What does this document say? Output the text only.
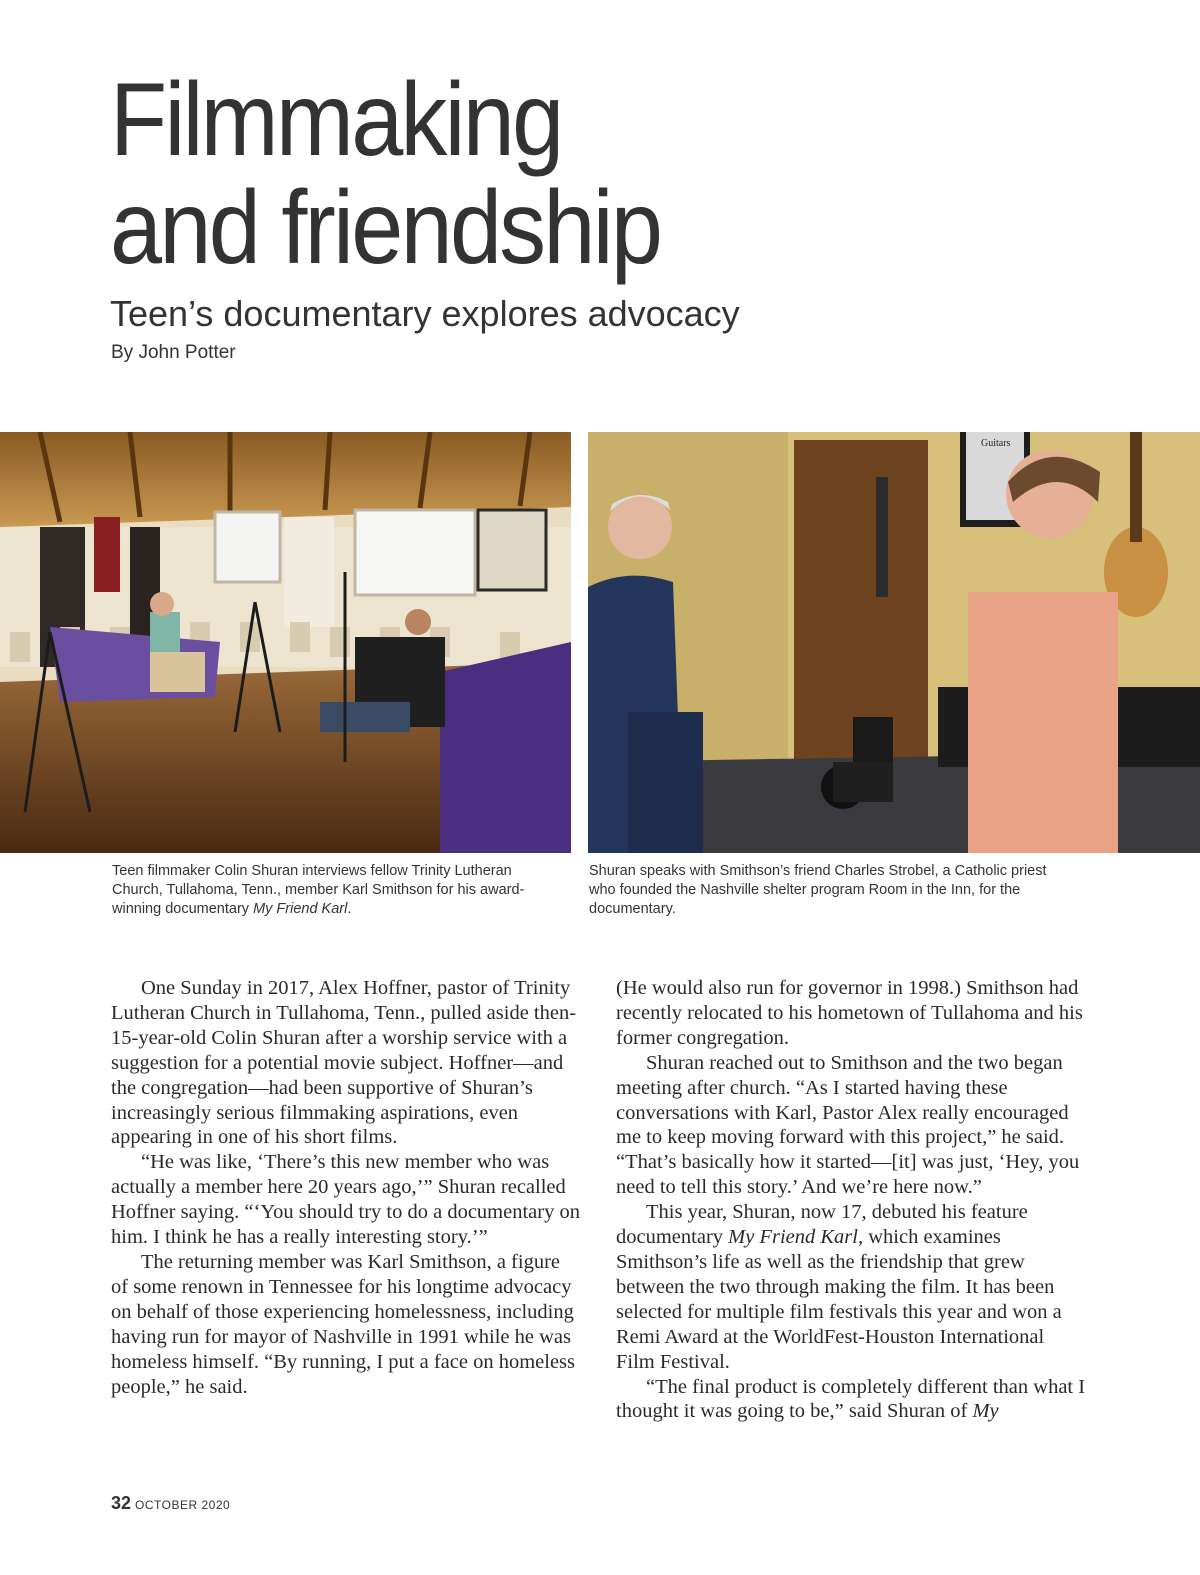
Filmmaking
and friendship
Teen’s documentary explores advocacy
By John Potter
Guitars
Teen filmmaker Colin Shuran interviews fellow Trinity Lutheran Church, Tullahoma, Tenn., member Karl Smithson for his award-winning documentary My Friend Karl.
Shuran speaks with Smithson’s friend Charles Strobel, a Catholic priest who founded the Nashville shelter program Room in the Inn, for the documentary.

One Sunday in 2017, Alex Hoffner, pastor of Trinity Lutheran Church in Tullahoma, Tenn., pulled aside then-15-year-old Colin Shuran after a worship service with a suggestion for a potential movie subject. Hoffner—and the congregation—had been supportive of Shuran’s increasingly serious filmmaking aspirations, even appearing in one of his short films.

“He was like, ‘There’s this new member who was actually a member here 20 years ago,’” Shuran recalled Hoffner saying. “‘You should try to do a documentary on him. I think he has a really interesting story.’”

The returning member was Karl Smithson, a figure of some renown in Tennessee for his longtime advocacy on behalf of those experiencing homelessness, including having run for mayor of Nashville in 1991 while he was homeless himself. “By running, I put a face on homeless people,” he said.

(He would also run for governor in 1998.) Smithson had recently relocated to his hometown of Tullahoma and his former congregation.

Shuran reached out to Smithson and the two began meeting after church. “As I started having these conversations with Karl, Pastor Alex really encouraged me to keep moving forward with this project,” he said. “That’s basically how it started—[it] was just, ‘Hey, you need to tell this story.’ And we’re here now.”

This year, Shuran, now 17, debuted his feature documentary My Friend Karl, which examines Smithson’s life as well as the friendship that grew between the two through making the film. It has been selected for multiple film festivals this year and won a Remi Award at the WorldFest-Houston International Film Festival.

“The final product is completely different than what I thought it was going to be,” said Shuran of My

32 OCTOBER 2020
